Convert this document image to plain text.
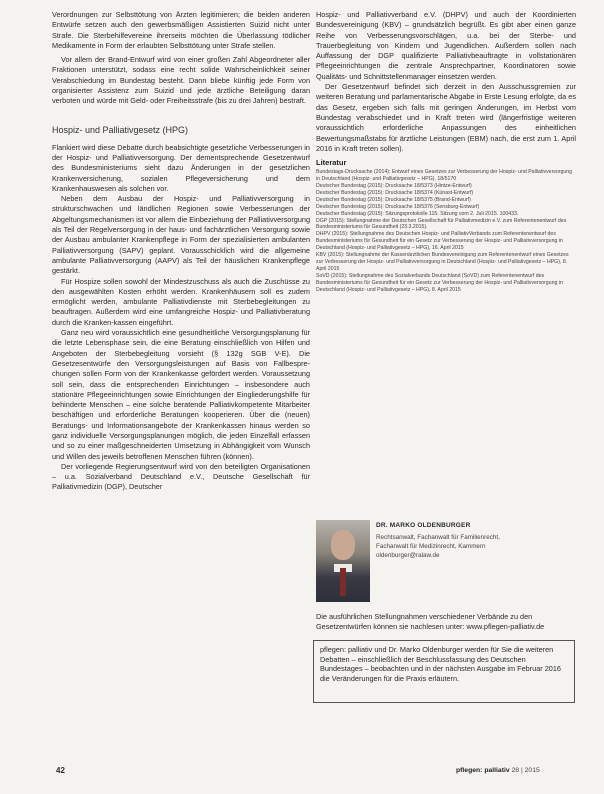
Verordnungen zur Selbsttötung von Ärzten legitimieren; die beiden anderen Entwürfe setzen auch den gewerbsmäßigen Assistierten Suizid nicht unter Strafe. Die Sterbehilfevereine ihrerseits möchten die Überlassung tödlicher Medikamente in Form der erlaubten Selbsttötung unter Strafe stellen.

Vor allem der Brand-Entwurf wird von einer großen Zahl Abgeordneter aller Fraktionen unterstützt, sodass eine recht solide Wahrscheinlichkeit seiner Verabschiedung im Bundestag besteht. Dann bliebe künftig jede Form von organisierter Assistenz zum Suizid und jede ärztliche Beteiligung daran verboten und würde mit Geld- oder Freiheitsstrafe (bis zu drei Jahren) bestraft.

Hospiz- und Palliativgesetz (HPG)

Flankiert wird diese Debatte durch beabsichtigte gesetzliche Verbesserungen in der Hospiz- und Palliativversorgung. Der dementsprechende Gesetzentwurf des Bundesministeriums sieht dazu Änderungen in der gesetzlichen Krankenversicherung, sozialen Pflegeversicherung und dem Krankenhauswesen als solchen vor.

Neben dem Ausbau der Hospiz- und Palliativversorgung in strukturschwachen und ländlichen Regionen sowie Verbesserungen der Abgeltungsmechanismen ist vor allem die Einbeziehung der Palliativversorgung als Teil der Regelversorgung in der haus- und fachärztlichen Versorgung sowie der Ausbau ambulanter Krankenpflege in Form der spezialisierten ambulanten Palliativversorgung (SAPV) geplant. Vorausschicklich wird die allgemeine ambulante Palliativversorgung (AAPV) als Teil der häuslichen Krankenpflege gestärkt.

Für Hospize sollen sowohl der Mindestzuschuss als auch die Zuschüsse zu den ausgewählten Kosten erhöht werden. Krankenhäusern soll es zudem ermöglicht werden, ambulante Palliativdienste mit Sterbebegleitungen zu beauftragen. Außerdem wird eine umfangreiche Hospiz- und Palliativberatung durch die Kranken-kassen eingeführt.

Ganz neu wird voraussichtlich eine gesundheitliche Versorgungsplanung für die letzte Lebensphase sein, die eine Beratung einschließlich von Hilfen und Angeboten der Sterbebegleitung vorsieht (§ 132g SGB V-E). Die Gesetzesentwürfe den Versorgungsleistungen auf Basis von Fallbespre- chungen sollen Form von der Krankenkasse gefördert werden. Voraussetzung soll sein, dass die entsprechenden Einrichtungen – insbesondere auch stationäre Pflegeeinrichtungen sowie Einrichtungen der Eingliederungshilfe für behinderte Menschen – eine solche beratende Palliativkompetente Mitarbeiter beschäftigen und erforderliche Beratungen kooperieren. Über die (neuen) Beratungs- und Informationsangebote der Krankenkassen hinaus werden so ganz individuelle Versorgungsplanungen möglich, die jeden Einzelfall erfassen und so zu einer maßgeschneiderten Umsetzung in Abhängigkeit vom Wunsch und Willen des jeweils betroffenen Menschen führen (können).

Der vorliegende Regierungsentwurf wird von den beteiligten Organisationen – u.a. Sozialverband Deutschland e.V., Deutsche Gesellschaft für Palliativmedizin (DGP), Deutscher

Hospiz- und Palliativverband e.V. (DHPV) und auch der Koordinierten Bundesvereinigung (KBV) – grundsätzlich begrüßt. Es gibt aber einen ganze Reihe von Verbesserungsvorschlägen, u.a. bei der Sterbe- und Trauerbegleitung von Kindern und Jugendlichen. Außerdem sollen nach Auffassung der DGP qualifizierte Palliativbeauftragte in vollstationären Pflegeeinrichtungen die zentrale Ansprechpartner, Koordinatoren sowie Qualitäts- und Schnittstellenmanager einsetzen werden.

Der Gesetzentwurf befindet sich derzeit in den Ausschussgremien zur weiteren Beratung und parlamentarische Abgabe in Erste Lesung erfolgte, da es das Gesetz, ergeben sich falls mit geringen Änderungen, im Herbst vom Bundestag verabschiedet und in Kraft treten wird (längerfristige weiteren voraussichtlich erforderliche Anpassungen des einheitlichen Bewertungsmaßstabs für ärztliche Leistungen (EBM) nach, die erst zum 1. April 2016 in Kraft treten sollen).

Literatur
Bundestags-Drucksache (2014): Entwurf eines Gesetzes zur Verbesserung der Hospiz- und Palliativversorgung in Deutschland (Hospiz- und Palliativgesetz – HPG). 18/5170
Deutscher Bundestag (2015): Drucksache 18/5373 (Hintze-Entwurf)
Deutscher Bundestag (2015): Drucksache 18/5374 (Künast-Entwurf)
Deutscher Bundestag (2015): Drucksache 18/5375 (Brand-Entwurf)
Deutscher Bundestag (2015): Drucksache 18/5376 (Sensburg-Entwurf)
Deutscher Bundestag (2015): Sitzungsprotokolle 115. Sitzung vom 2. Juli 2015. 100433.
DGP (2015): Stellungnahme der Deutschen Gesellschaft für Palliativmedizin e.V. zum Referentenentwurf des Bundesministeriums für Gesundheit (23.3.2015).
DHPV (2015): Stellungnahme des Deutschen Hospiz- und PalliativVerbands zum Referentenentwurf des Bundesministeriums für Gesundheit für ein Gesetz zur Verbesserung der Hospiz- und Palliativversorgung in Deutschland (Hospiz- und Palliativgesetz – HPG), 16. April 2015
KBV (2015): Stellungnahme der Kassenärztlichen Bundesvereinigung zum Referentenentwurf eines Gesetzes zur Verbesserung der Hospiz- und Palliativversorgung in Deutschland (Hospiz- und Palliativgesetz – HPG), 8. April 2015
SoVD (2015): Stellungnahme des Sozialverbands Deutschland (SoVD) zum Referentenentwurf des Bundesministeriums für Gesundheit für ein Gesetz zur Verbesserung der Hospiz- und Palliativversorgung in Deutschland (Hospiz- und Palliativgesetz – HPG), 8. April 2015
DR. MARKO OLDENBURGER
Rechtsanwalt, Fachanwalt für Familienrecht,
Fachanwalt für Medizinrecht, Kammern
oldenburger@ralaw.de
Die ausführlichen Stellungnahmen verschiedener Verbände zu den Gesetzentwürfen können sie nachlesen unter: www.pflegen-palliativ.de
pflegen: palliativ und Dr. Marko Oldenburger werden für Sie die weiteren Debatten – einschließlich der Beschlussfassung des Deutschen Bundestages – beobachten und in der nächsten Ausgabe im Februar 2016 die Veränderungen für die Praxis erläutern.
42	pflegen: palliativ 28 | 2015
